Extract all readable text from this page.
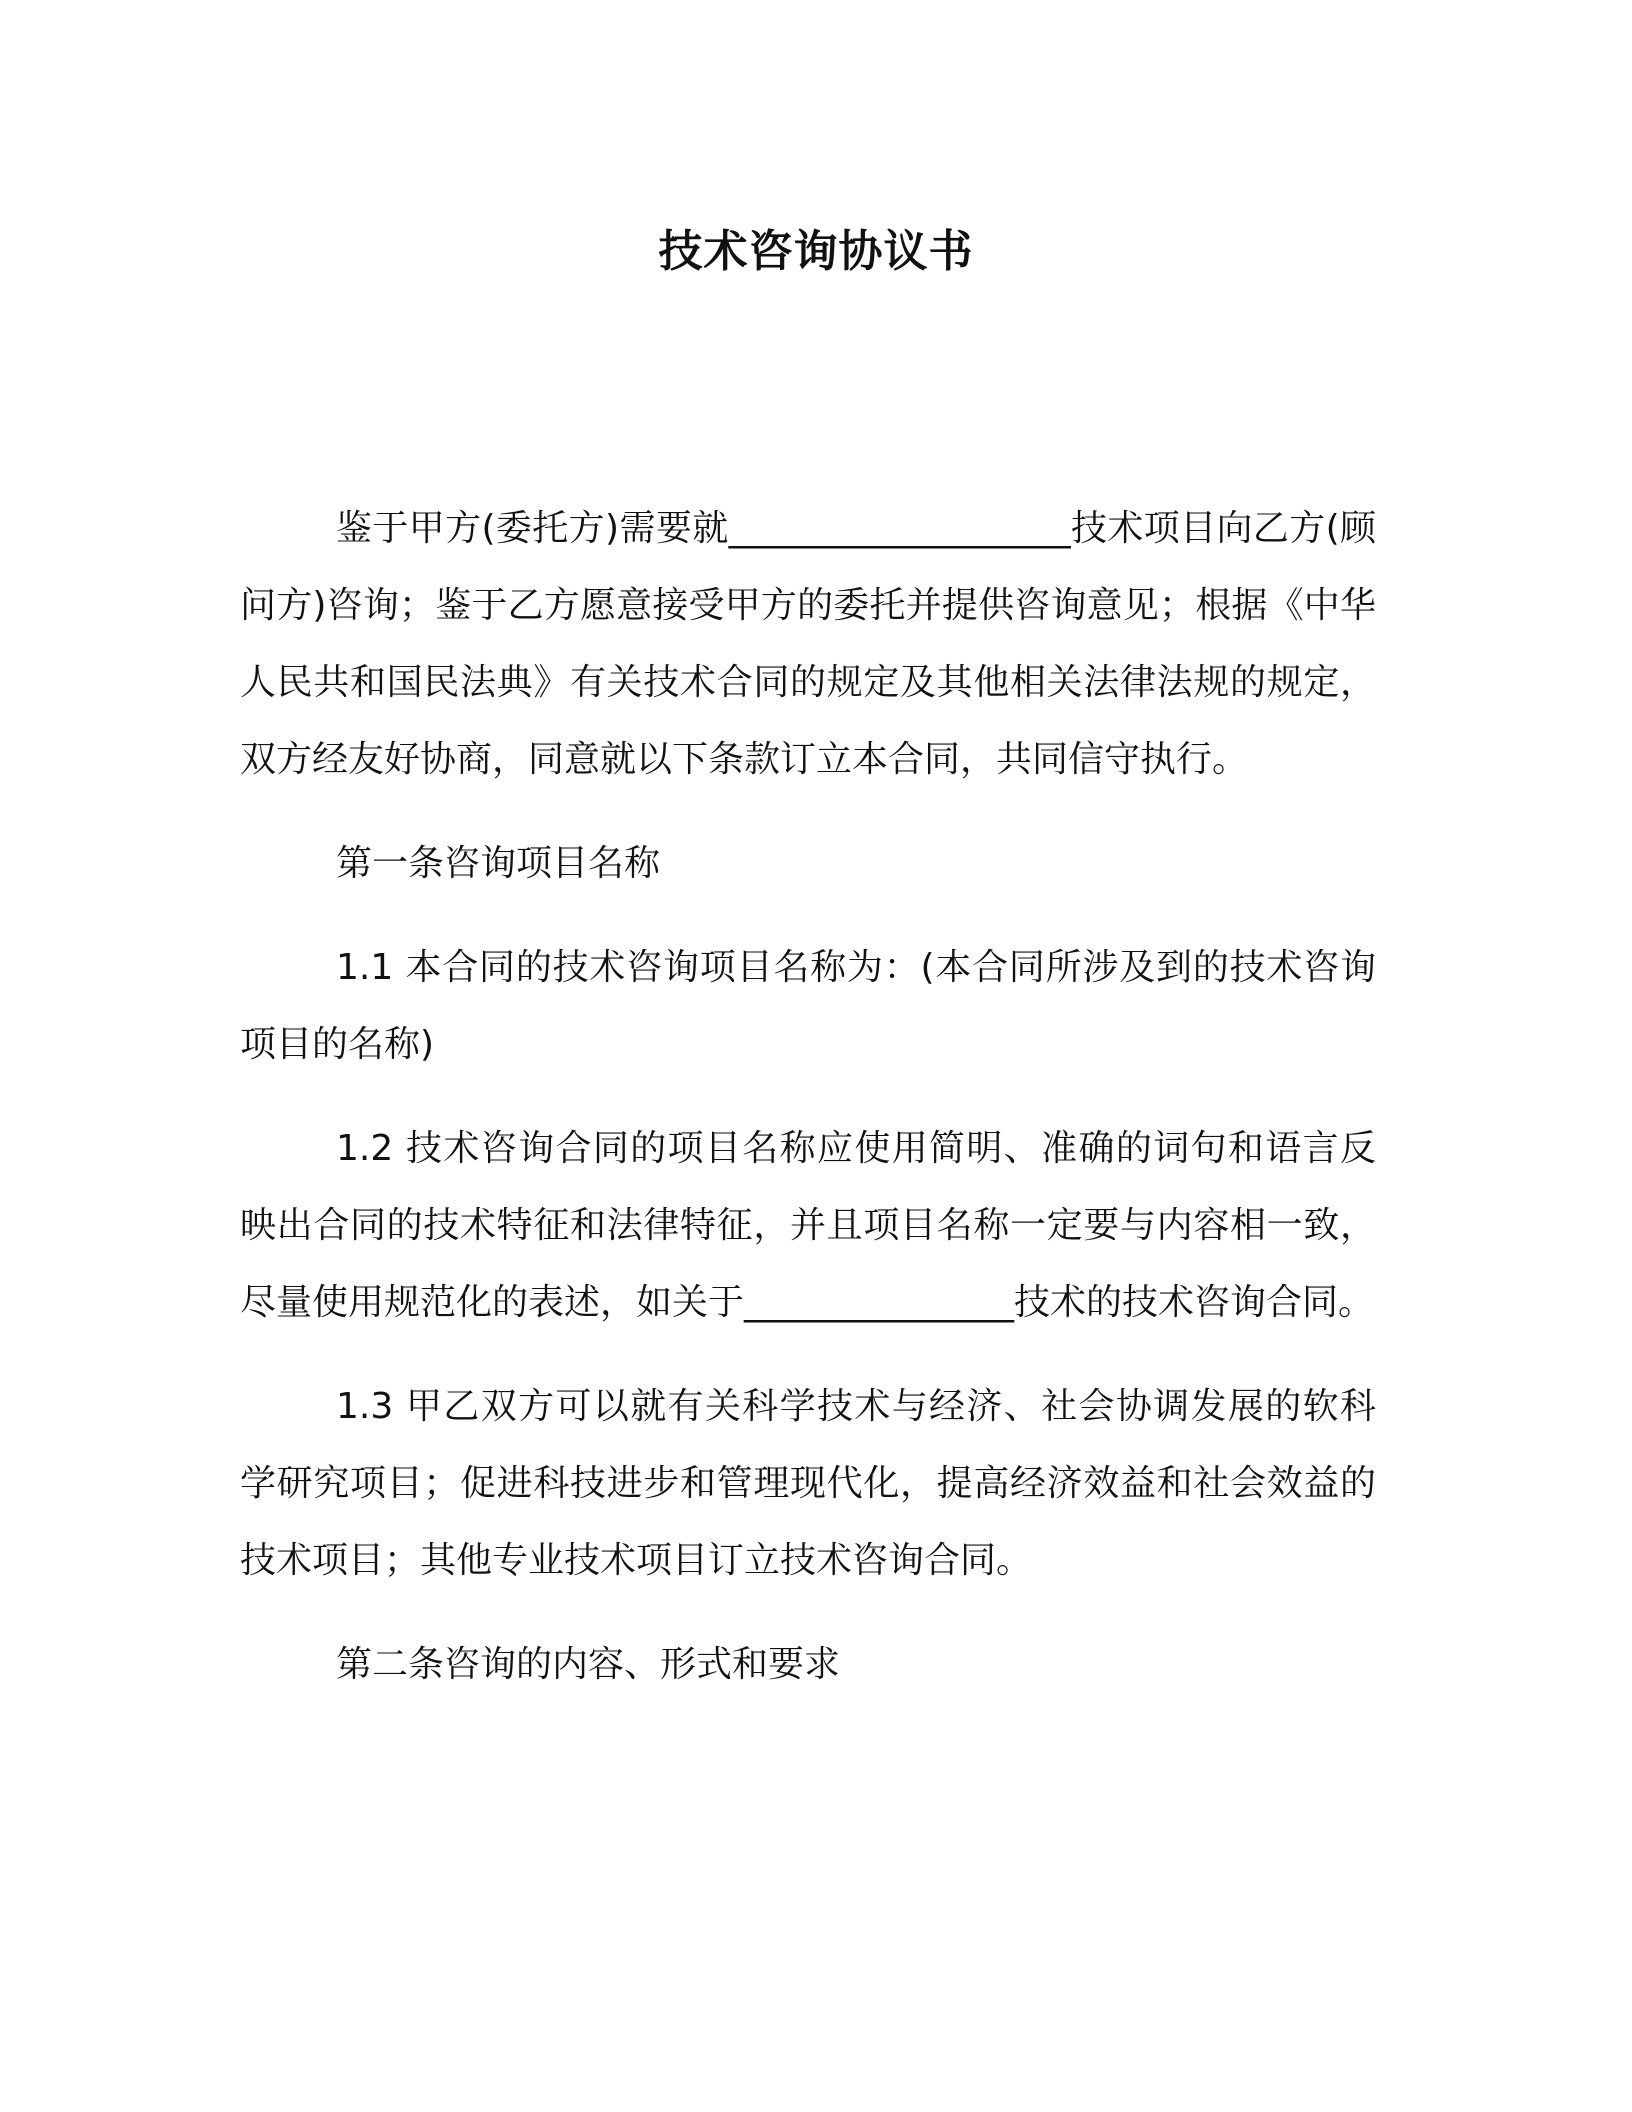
技术咨询协议书

鉴于甲方(委托方)需要就___________________技术项目向乙方(顾问方)咨询；鉴于乙方愿意接受甲方的委托并提供咨询意见；根据《中华人民共和国民法典》有关技术合同的规定及其他相关法律法规的规定，双方经友好协商，同意就以下条款订立本合同，共同信守执行。

第一条咨询项目名称

1.1 本合同的技术咨询项目名称为：(本合同所涉及到的技术咨询项目的名称)

1.2 技术咨询合同的项目名称应使用简明、准确的词句和语言反映出合同的技术特征和法律特征，并且项目名称一定要与内容相一致，尽量使用规范化的表述，如关于_______________技术的技术咨询合同。

1.3 甲乙双方可以就有关科学技术与经济、社会协调发展的软科学研究项目；促进科技进步和管理现代化，提高经济效益和社会效益的技术项目；其他专业技术项目订立技术咨询合同。

第二条咨询的内容、形式和要求
